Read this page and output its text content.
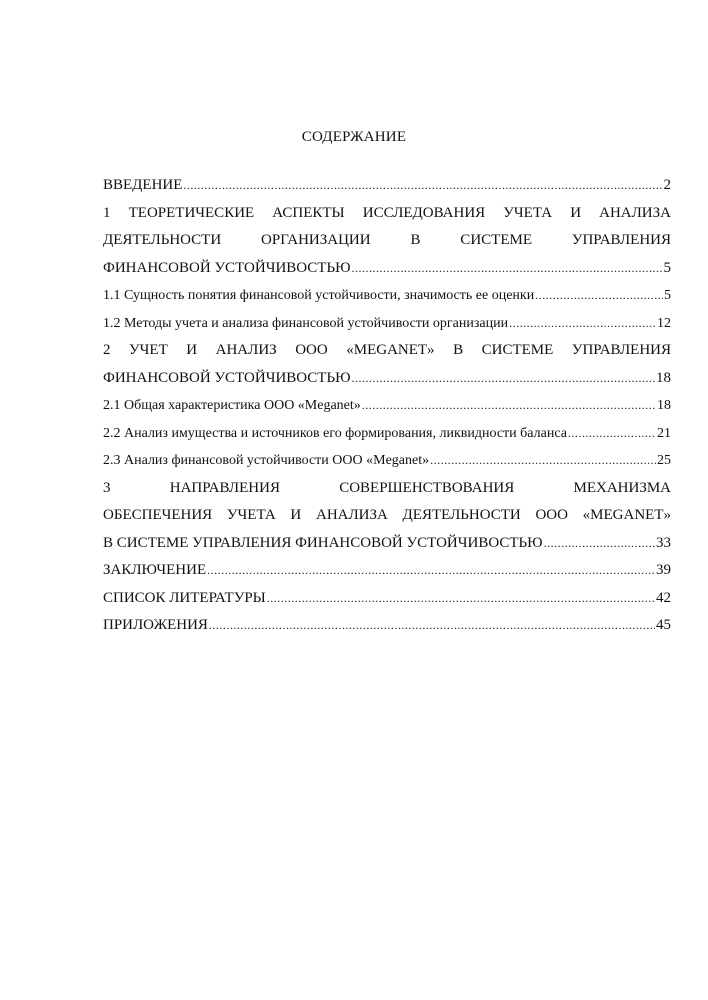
СОДЕРЖАНИЕ
ВВЕДЕНИЕ .....	2
1 ТЕОРЕТИЧЕСКИЕ АСПЕКТЫ ИССЛЕДОВАНИЯ УЧЕТА И АНАЛИЗА
ДЕЯТЕЛЬНОСТИ ОРГАНИЗАЦИИ В СИСТЕМЕ УПРАВЛЕНИЯ
ФИНАНСОВОЙ УСТОЙЧИВОСТЬЮ .....	5
1.1 Сущность понятия финансовой устойчивости, значимость ее оценки .....	5
1.2 Методы учета и анализа финансовой устойчивости организации .....	12
2 УЧЕТ И АНАЛИЗ ООО «MEGANET» В СИСТЕМЕ УПРАВЛЕНИЯ
ФИНАНСОВОЙ УСТОЙЧИВОСТЬЮ .....	18
2.1 Общая характеристика ООО «Meganet» .....	18
2.2 Анализ имущества и источников его формирования, ликвидности баланса .....	21
2.3 Анализ финансовой устойчивости ООО «Meganet» .....	25
3 НАПРАВЛЕНИЯ СОВЕРШЕНСТВОВАНИЯ МЕХАНИЗМА
ОБЕСПЕЧЕНИЯ УЧЕТА И АНАЛИЗА ДЕЯТЕЛЬНОСТИ ООО «MEGANET»
В СИСТЕМЕ УПРАВЛЕНИЯ ФИНАНСОВОЙ УСТОЙЧИВОСТЬЮ .....	33
ЗАКЛЮЧЕНИЕ .....	39
СПИСОК ЛИТЕРАТУРЫ .....	42
ПРИЛОЖЕНИЯ .....	45
